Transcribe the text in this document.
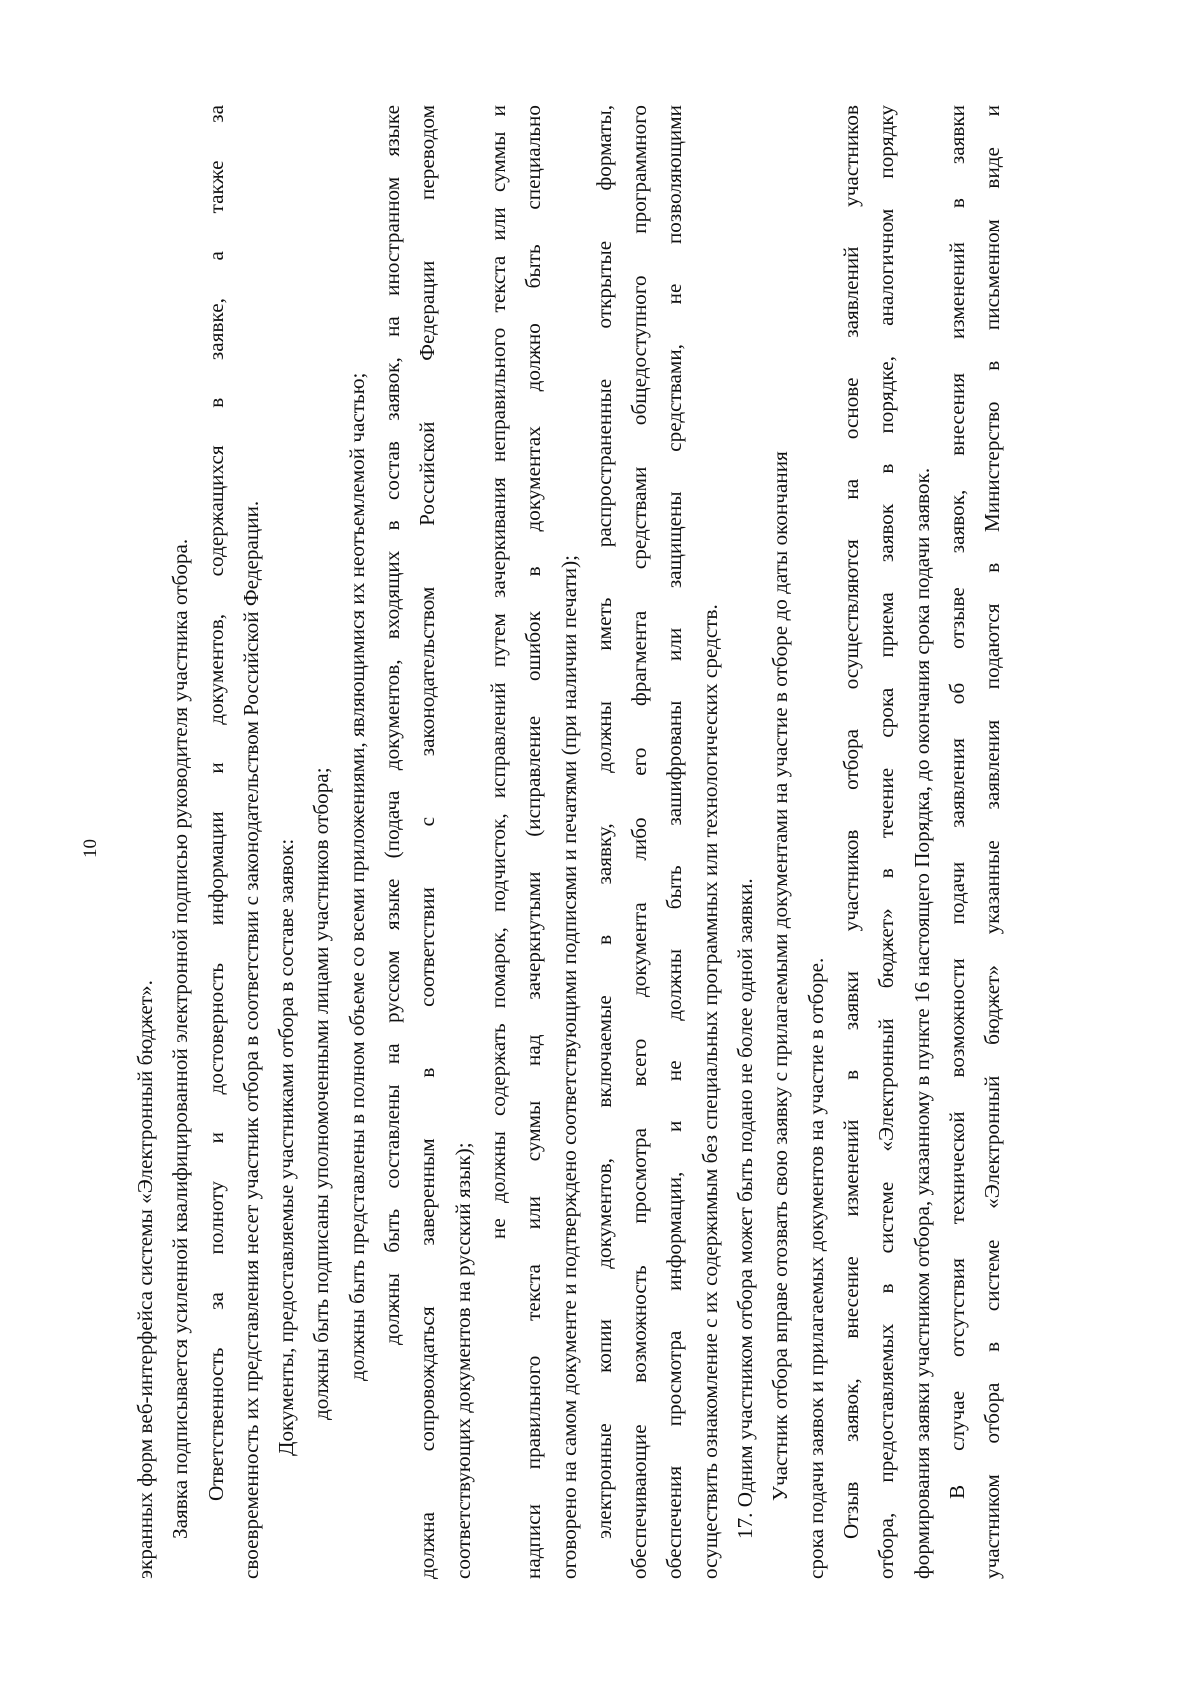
10
экранных форм веб-интерфейса системы «Электронный бюджет». Заявка подписывается усиленной квалифицированной электронной подписью руководителя участника отбора. Ответственность за полноту и достоверность информации и документов, содержащихся в заявке, а также за своевременность их представления несет участник отбора в соответствии с законодательством Российской Федерации. Документы, предоставляемые участниками отбора в составе заявок: должны быть подписаны уполномоченными лицами участников отбора; должны быть представлены в полном объеме со всеми приложениями, являющимися их неотъемлемой частью; должны быть составлены на русском языке (подача документов, входящих в состав заявок, на иностранном языке должна сопровождаться заверенным в соответствии с законодательством Российской Федерации переводом соответствующих документов на русский язык);
не должны содержать помарок, подчисток, исправлений путем зачеркивания неправильного текста или суммы и надписи правильного текста или суммы над зачеркнутыми (исправление ошибок в документах должно быть специально оговорено на самом документе и подтверждено соответствующими подписями и печатями (при наличии печати); электронные копии документов, включаемые в заявку, должны иметь распространенные открытые форматы, обеспечивающие возможность просмотра всего документа либо его фрагмента средствами общедоступного программного обеспечения просмотра информации, и не должны быть зашифрованы или защищены средствами, не позволяющими осуществить ознакомление с их содержимым без специальных программных или технологических средств. 17. Одним участником отбора может быть подано не более одной заявки. Участник отбора вправе отозвать свою заявку с прилагаемыми документами на участие в отборе до даты окончания срока подачи заявок и прилагаемых документов на участие в отборе. Отзыв заявок, внесение изменений в заявки участников отбора осуществляются на основе заявлений участников отбора, предоставляемых в системе «Электронный бюджет» в течение срока приема заявок в порядке, аналогичном порядку формирования заявки участником отбора, указанному в пункте 16 настоящего Порядка, до окончания срока подачи заявок. В случае отсутствия технической возможности подачи заявления об отзыве заявок, внесения изменений в заявки участником отбора в системе «Электронный бюджет» указанные заявления подаются в Министерство в письменном виде и
